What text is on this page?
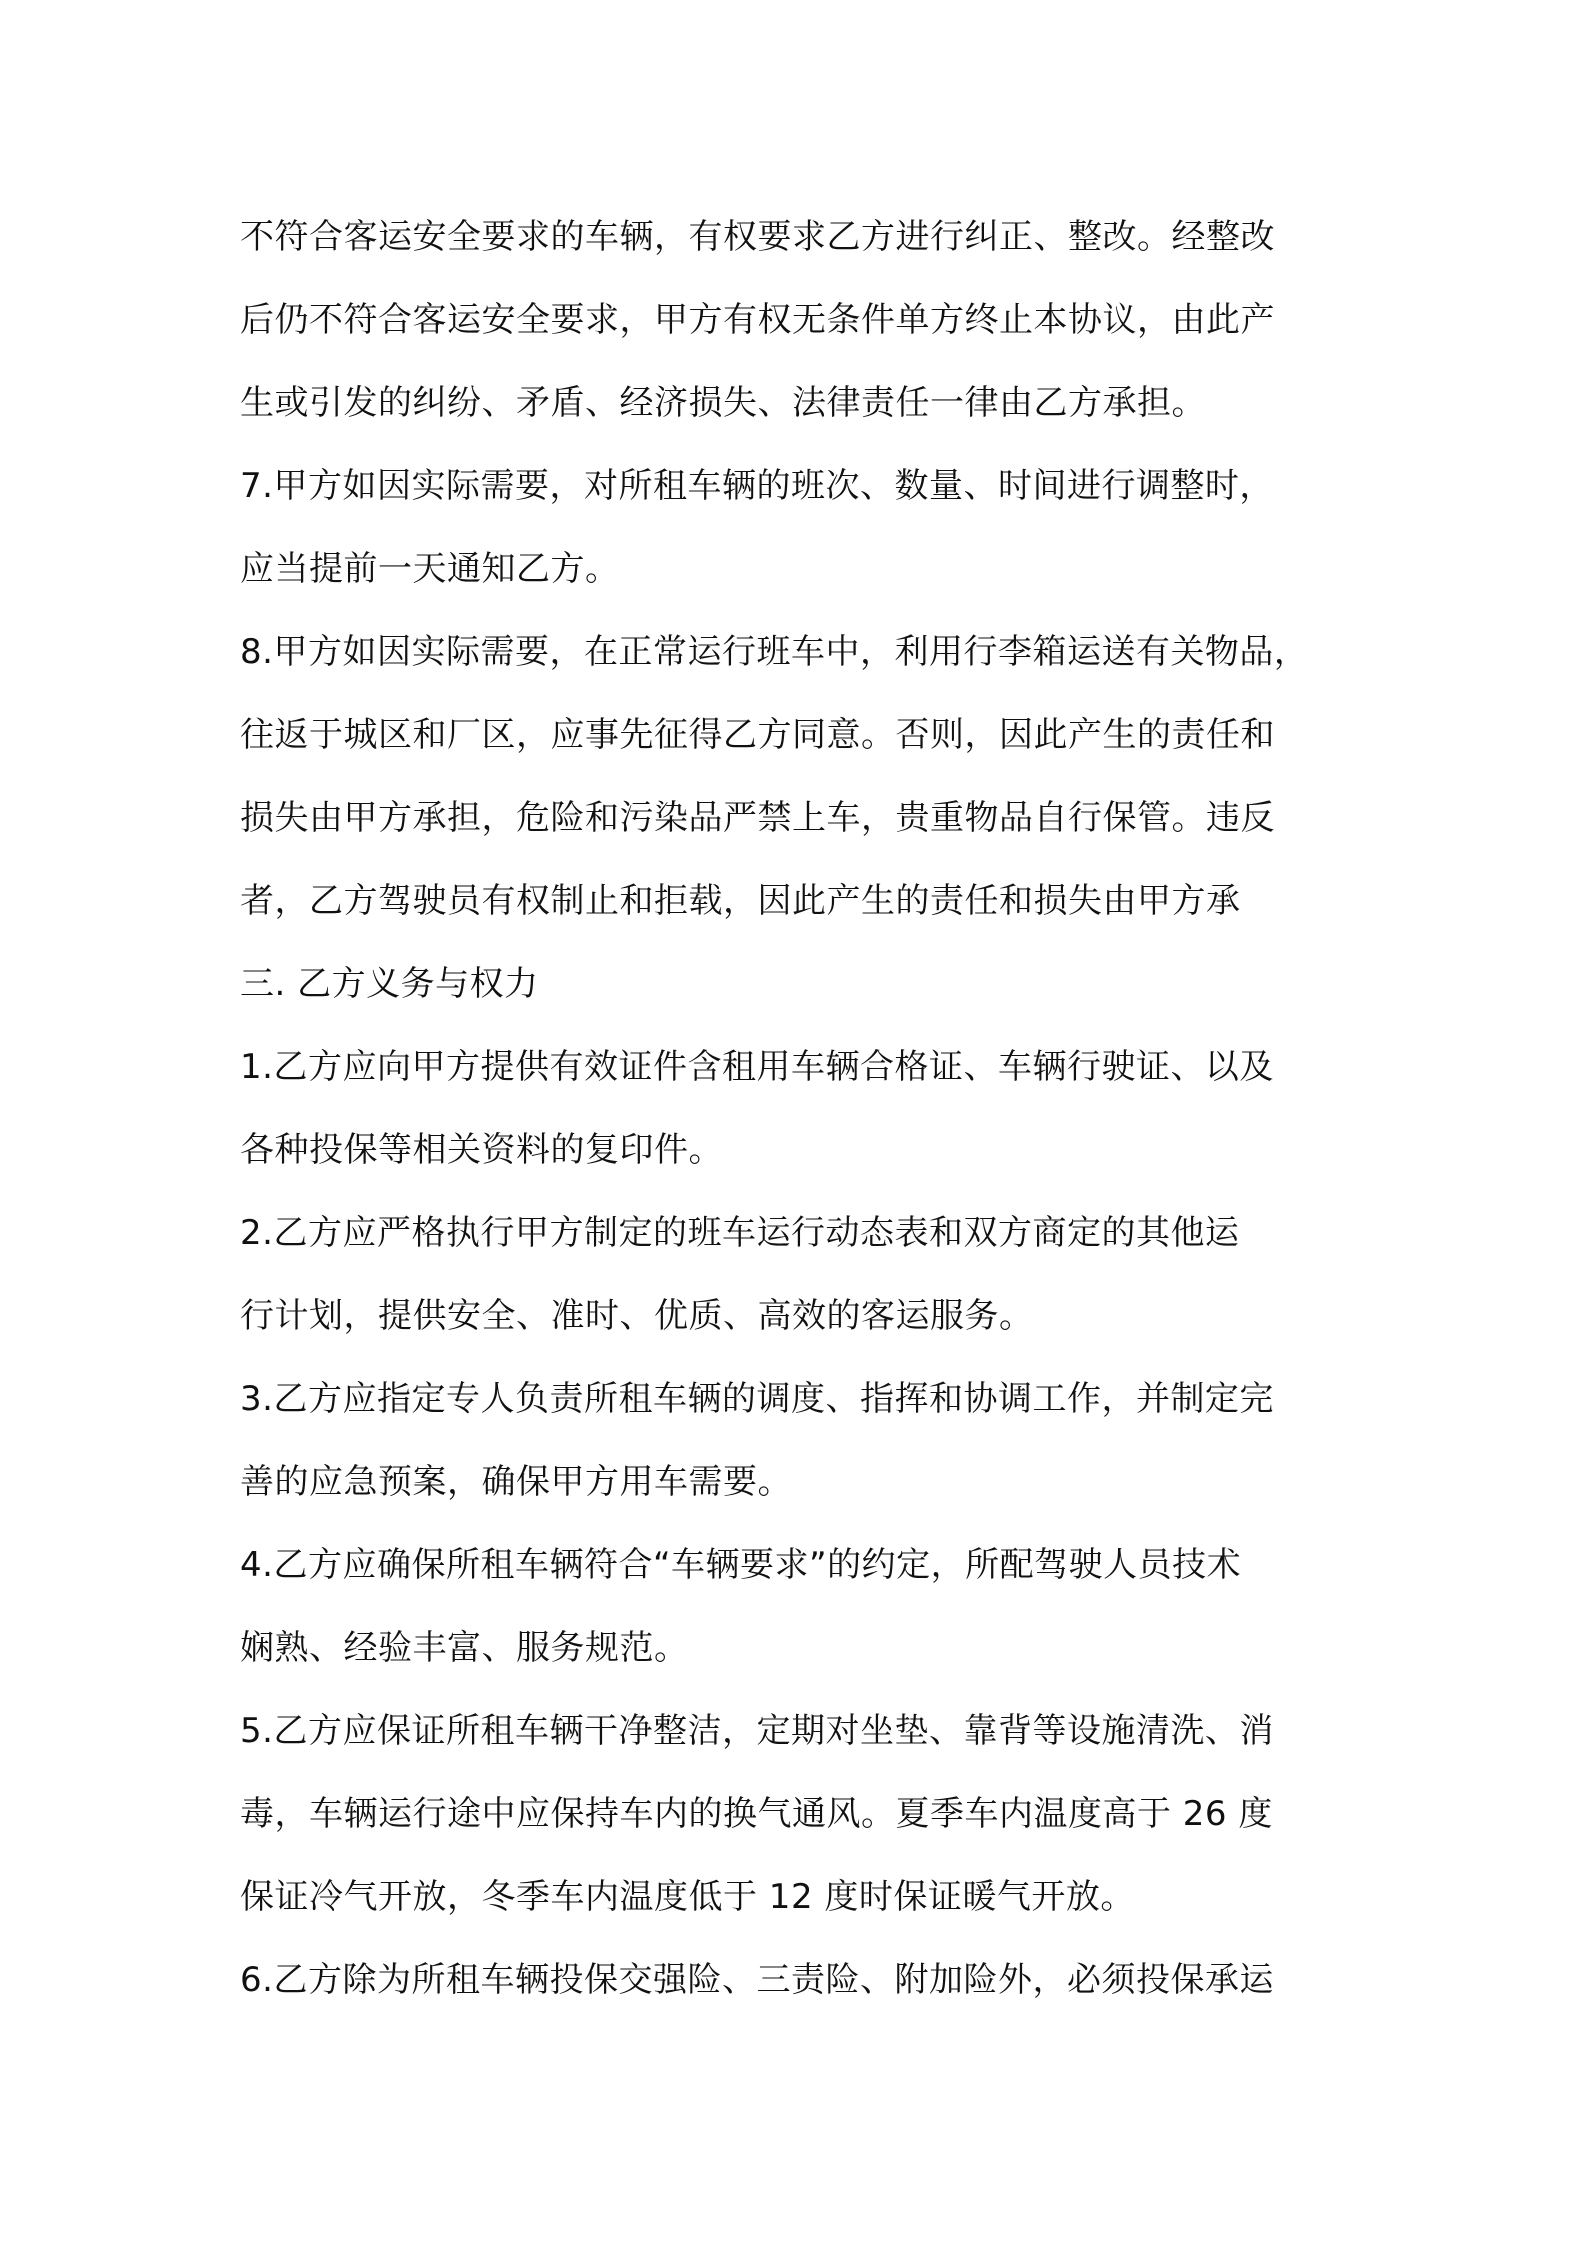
不符合客运安全要求的车辆，有权要求乙方进行纠正、整改。经整改
后仍不符合客运安全要求，甲方有权无条件单方终止本协议，由此产
生或引发的纠纷、矛盾、经济损失、法律责任一律由乙方承担。
7.甲方如因实际需要，对所租车辆的班次、数量、时间进行调整时，
应当提前一天通知乙方。
8.甲方如因实际需要，在正常运行班车中，利用行李箱运送有关物品，
往返于城区和厂区，应事先征得乙方同意。否则，因此产生的责任和
损失由甲方承担，危险和污染品严禁上车，贵重物品自行保管。违反
者，乙方驾驶员有权制止和拒载，因此产生的责任和损失由甲方承
三. 乙方义务与权力
1.乙方应向甲方提供有效证件含租用车辆合格证、车辆行驶证、以及
各种投保等相关资料的复印件。
2.乙方应严格执行甲方制定的班车运行动态表和双方商定的其他运
行计划，提供安全、准时、优质、高效的客运服务。
3.乙方应指定专人负责所租车辆的调度、指挥和协调工作，并制定完
善的应急预案，确保甲方用车需要。
4.乙方应确保所租车辆符合“车辆要求”的约定，所配驾驶人员技术
娴熟、经验丰富、服务规范。
5.乙方应保证所租车辆干净整洁，定期对坐垫、靠背等设施清洗、消
毒，车辆运行途中应保持车内的换气通风。夏季车内温度高于 26 度
保证冷气开放，冬季车内温度低于 12 度时保证暖气开放。
6.乙方除为所租车辆投保交强险、三责险、附加险外，必须投保承运
